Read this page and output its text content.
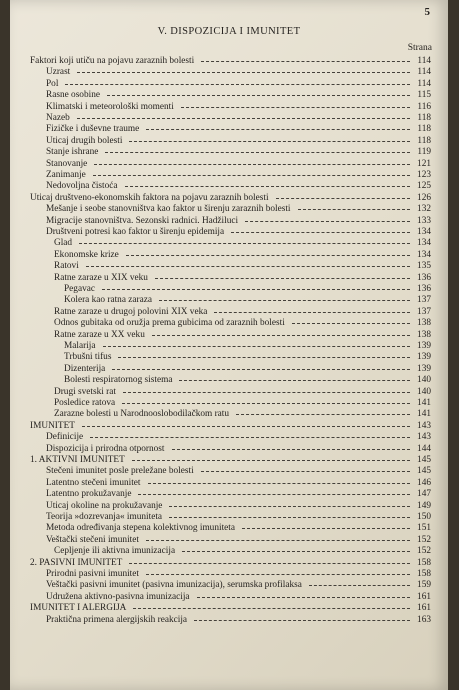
5
V. DISPOZICIJA I IMUNITET
Strana
Faktori koji utiču na pojavu zaraznih bolesti	114
Uzrast	114
Pol	114
Rasne osobine	115
Klimatski i meteorološki momenti	116
Nazeb	118
Fizičke i duševne traume	118
Uticaj drugih bolesti	118
Stanje ishrane	119
Stanovanje	121
Zanimanje	123
Nedovoljna čistoća	125
Uticaj društveno-ekonomskih faktora na pojavu zaraznih bolesti	126
Mešanje i seobe stanovništva kao faktor u širenju zaraznih bolesti	132
Migracije stanovništva. Sezonski radnici. Hadžiluci	133
Društveni potresi kao faktor u širenju epidemija	134
Glad	134
Ekonomske krize	134
Ratovi	135
Ratne zaraze u XIX veku	136
Pegavac	136
Kolera kao ratna zaraza	137
Ratne zaraze u drugoj polovini XIX veka	137
Odnos gubitaka od oružja prema gubicima od zaraznih bolesti	138
Ratne zaraze u XX veku	138
Malarija	139
Trbušni tifus	139
Dizenterija	139
Bolesti respiratornog sistema	140
Drugi svetski rat	140
Posledice ratova	141
Zarazne bolesti u Narodnooslobodilačkom ratu	141
IMUNITET	143
Definicije	143
Dispozicija i prirodna otpornost	144
1. AKTIVNI IMUNITET	145
Stečeni imunitet posle preležane bolesti	145
Latentno stečeni imunitet	146
Latentno prokužavanje	147
Uticaj okoline na prokužavanje	149
Teorija »dozrevanja« imuniteta	150
Metoda određivanja stepena kolektivnog imuniteta	151
Veštački stečeni imunitet	152
Cepljenje ili aktivna imunizacija	152
2. PASIVNI IMUNITET	158
Prirodni pasivni imunitet	158
Veštački pasivni imunitet (pasivna imunizacija), serumska profilaksa	159
Udruženа aktivno-pasivna imunizacija	161
IMUNITET I ALERGIJA	161
Praktična primena alergijskih reakcija	163
